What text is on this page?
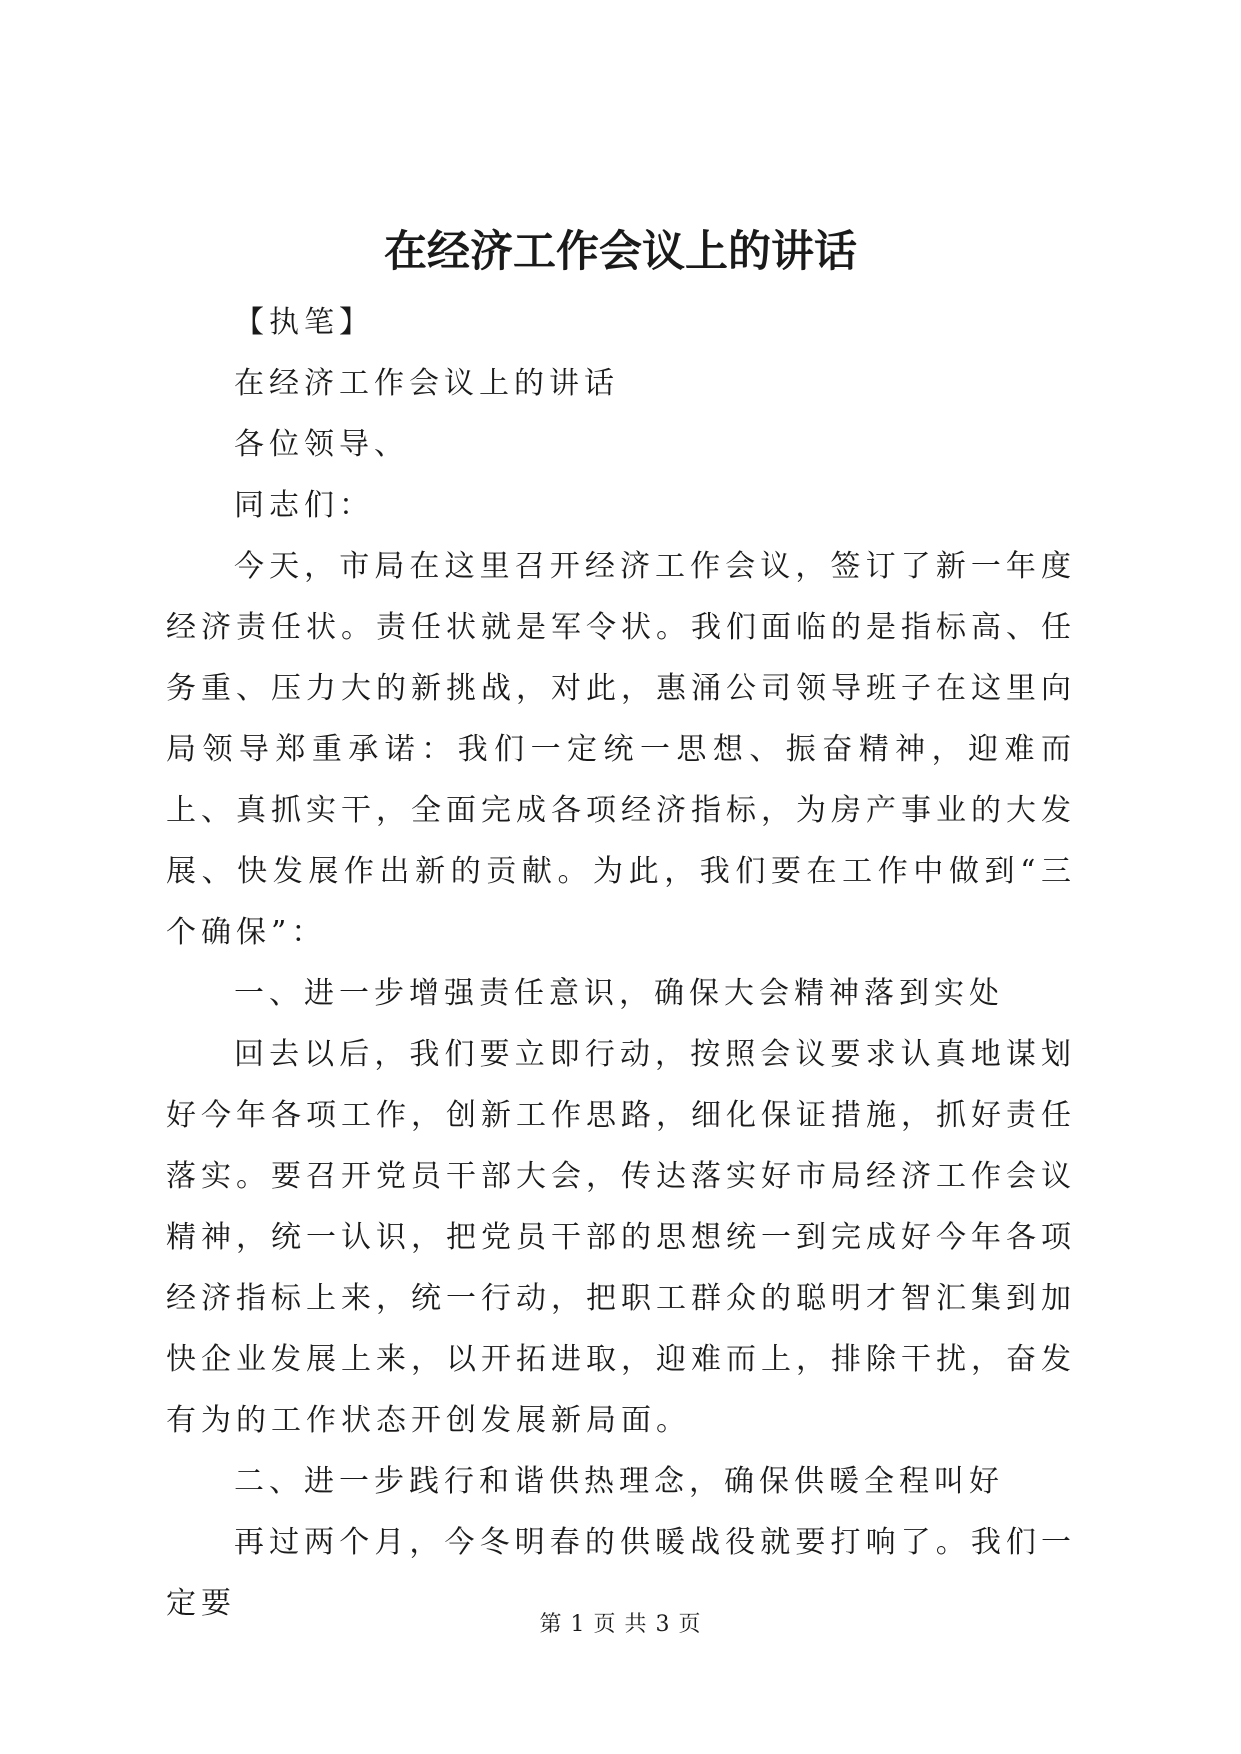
在经济工作会议上的讲话

【执笔】

在经济工作会议上的讲话

各位领导、

同志们：

今天，市局在这里召开经济工作会议，签订了新一年度经济责任状。责任状就是军令状。我们面临的是指标高、任务重、压力大的新挑战，对此，惠涌公司领导班子在这里向局领导郑重承诺：我们一定统一思想、振奋精神，迎难而上、真抓实干，全面完成各项经济指标，为房产事业的大发展、快发展作出新的贡献。为此，我们要在工作中做到“三个确保”：

一、进一步增强责任意识，确保大会精神落到实处

回去以后，我们要立即行动，按照会议要求认真地谋划好今年各项工作，创新工作思路，细化保证措施，抓好责任落实。要召开党员干部大会，传达落实好市局经济工作会议精神，统一认识，把党员干部的思想统一到完成好今年各项经济指标上来，统一行动，把职工群众的聪明才智汇集到加快企业发展上来，以开拓进取，迎难而上，排除干扰，奋发有为的工作状态开创发展新局面。

二、进一步践行和谐供热理念，确保供暖全程叫好

再过两个月，今冬明春的供暖战役就要打响了。我们一定要

第 1 页 共 3 页
